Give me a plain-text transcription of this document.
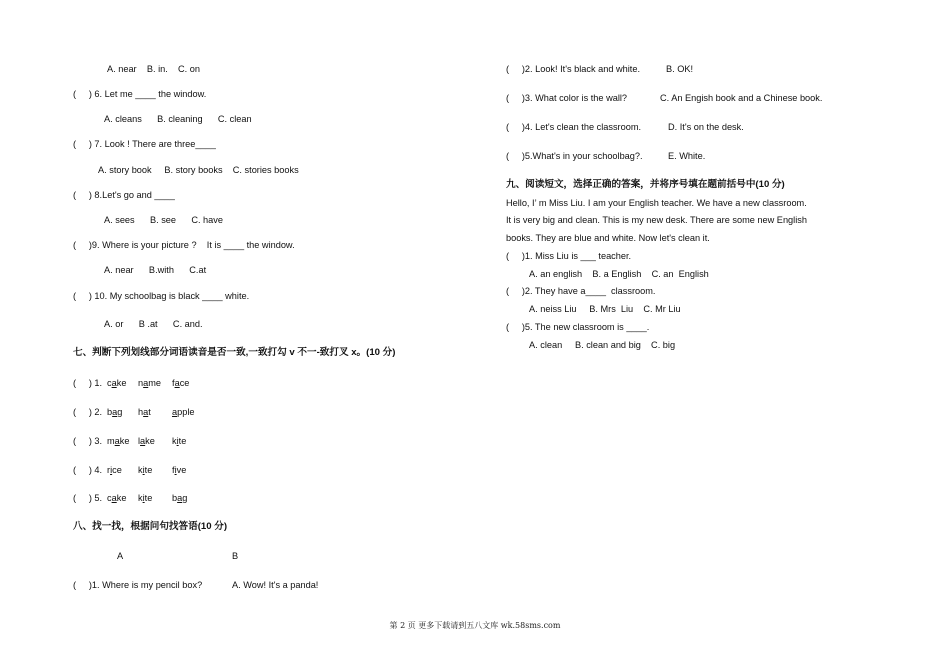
A. near    B. in.    C. on
(     ) 6. Let me ____ the window.
A. cleans      B. cleaning      C. clean
(     ) 7. Look ! There are three____
A. story book     B. story books    C. stories books
(     ) 8.Let's go and ____
A. sees      B. see      C. have
(     )9. Where is your picture ?    It is ____ the window.
A. near      B.with      C.at
(     ) 10. My schoolbag is black ____ white.
A. or      B .at      C. and.
七、判断下列划线部分词语读音是否一致,一致打勾 v 不一-致打叉 x。(10 分)
(     ) 1. cake name face
(     ) 2. bag hat apple
(     ) 3. make lake kite
(     ) 4. rice kite five
(     ) 5. cake kite bag
八、找一找，根据问句找答语(10 分)
A	B
(     )1. Where is my pencil box?	A. Wow! It's a panda!
(     )2. Look! It's black and white.	B. OK!
(     )3. What color is the wall?	C. An Engish book and a Chinese book.
(     )4. Let's clean the classroom.	D. It's on the desk.
(     )5.What's in your schoolbag?.	E. White.
九、阅读短文，选择正确的答案，并将序号填在题前括号中(10 分)
Hello, I’ m Miss Liu. I am your English teacher. We have a new classroom.
It is very big and clean. This is my new desk. There are some new English
books. They are blue and white. Now let's clean it.
(     )1. Miss Liu is ___ teacher.
A. an english    B. a English    C. an  English
(     )2. They have a____  classroom.
A. neiss Liu     B. Mrs  Liu    C. Mr Liu
(     )5. The new classroom is ____.
A. clean     B. clean and big    C. big
第 2 页 更多下载请到五八文库 wk.58sms.com
